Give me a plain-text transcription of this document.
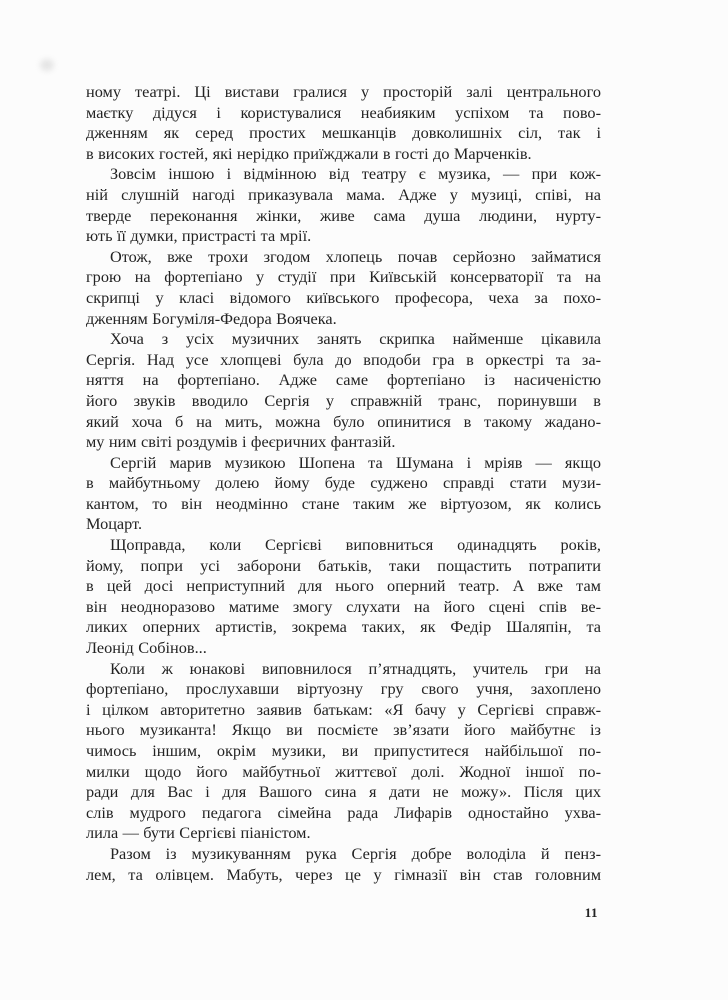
ному театрі. Ці вистави гралися у просторій залі центрального
маєтку дідуся і користувалися неабияким успіхом та пово-
дженням як серед простих мешканців довколишніх сіл, так і
в високих гостей, які нерідко приїжджали в гості до Марченків.
Зовсім іншою і відмінною від театру є музика, — при кож-
ній слушній нагоді приказувала мама. Адже у музиці, співі, на
тверде переконання жінки, живе сама душа людини, нурту-
ють її думки, пристрасті та мрії.
Отож, вже трохи згодом хлопець почав серйозно займатися
грою на фортепіано у студії при Київській консерваторії та на
скрипці у класі відомого київського професора, чеха за похо-
дженням Богуміля-Федора Воячека.
Хоча з усіх музичних занять скрипка найменше цікавила
Сергія. Над усе хлопцеві була до вподоби гра в оркестрі та за-
няття на фортепіано. Адже саме фортепіано із насиченістю
його звуків вводило Сергія у справжній транс, поринувши в
який хоча б на мить, можна було опинитися в такому жадано-
му ним світі роздумів і феєричних фантазій.
Сергій марив музикою Шопена та Шумана і мріяв — якщо
в майбутньому долею йому буде суджено справді стати музи-
кантом, то він неодмінно стане таким же віртуозом, як колись
Моцарт.
Щоправда, коли Сергієві виповниться одинадцять років,
йому, попри усі заборони батьків, таки пощастить потрапити
в цей досі неприступний для нього оперний театр. А вже там
він неодноразово матиме змогу слухати на його сцені спів ве-
ликих оперних артистів, зокрема таких, як Федір Шаляпін, та
Леонід Собінов...
Коли ж юнакові виповнилося п’ятнадцять, учитель гри на
фортепіано, прослухавши віртуозну гру свого учня, захоплено
і цілком авторитетно заявив батькам: «Я бачу у Сергієві справж-
нього музиканта! Якщо ви посмієте зв’язати його майбутнє із
чимось іншим, окрім музики, ви припуститеся найбільшої по-
милки щодо його майбутньої життєвої долі. Жодної іншої по-
ради для Вас і для Вашого сина я дати не можу». Після цих
слів мудрого педагога сімейна рада Лифарів одностайно ухва-
лила — бути Сергієві піаністом.
Разом із музикуванням рука Сергія добре володіла й пенз-
лем, та олівцем. Мабуть, через це у гімназії він став головним
11
